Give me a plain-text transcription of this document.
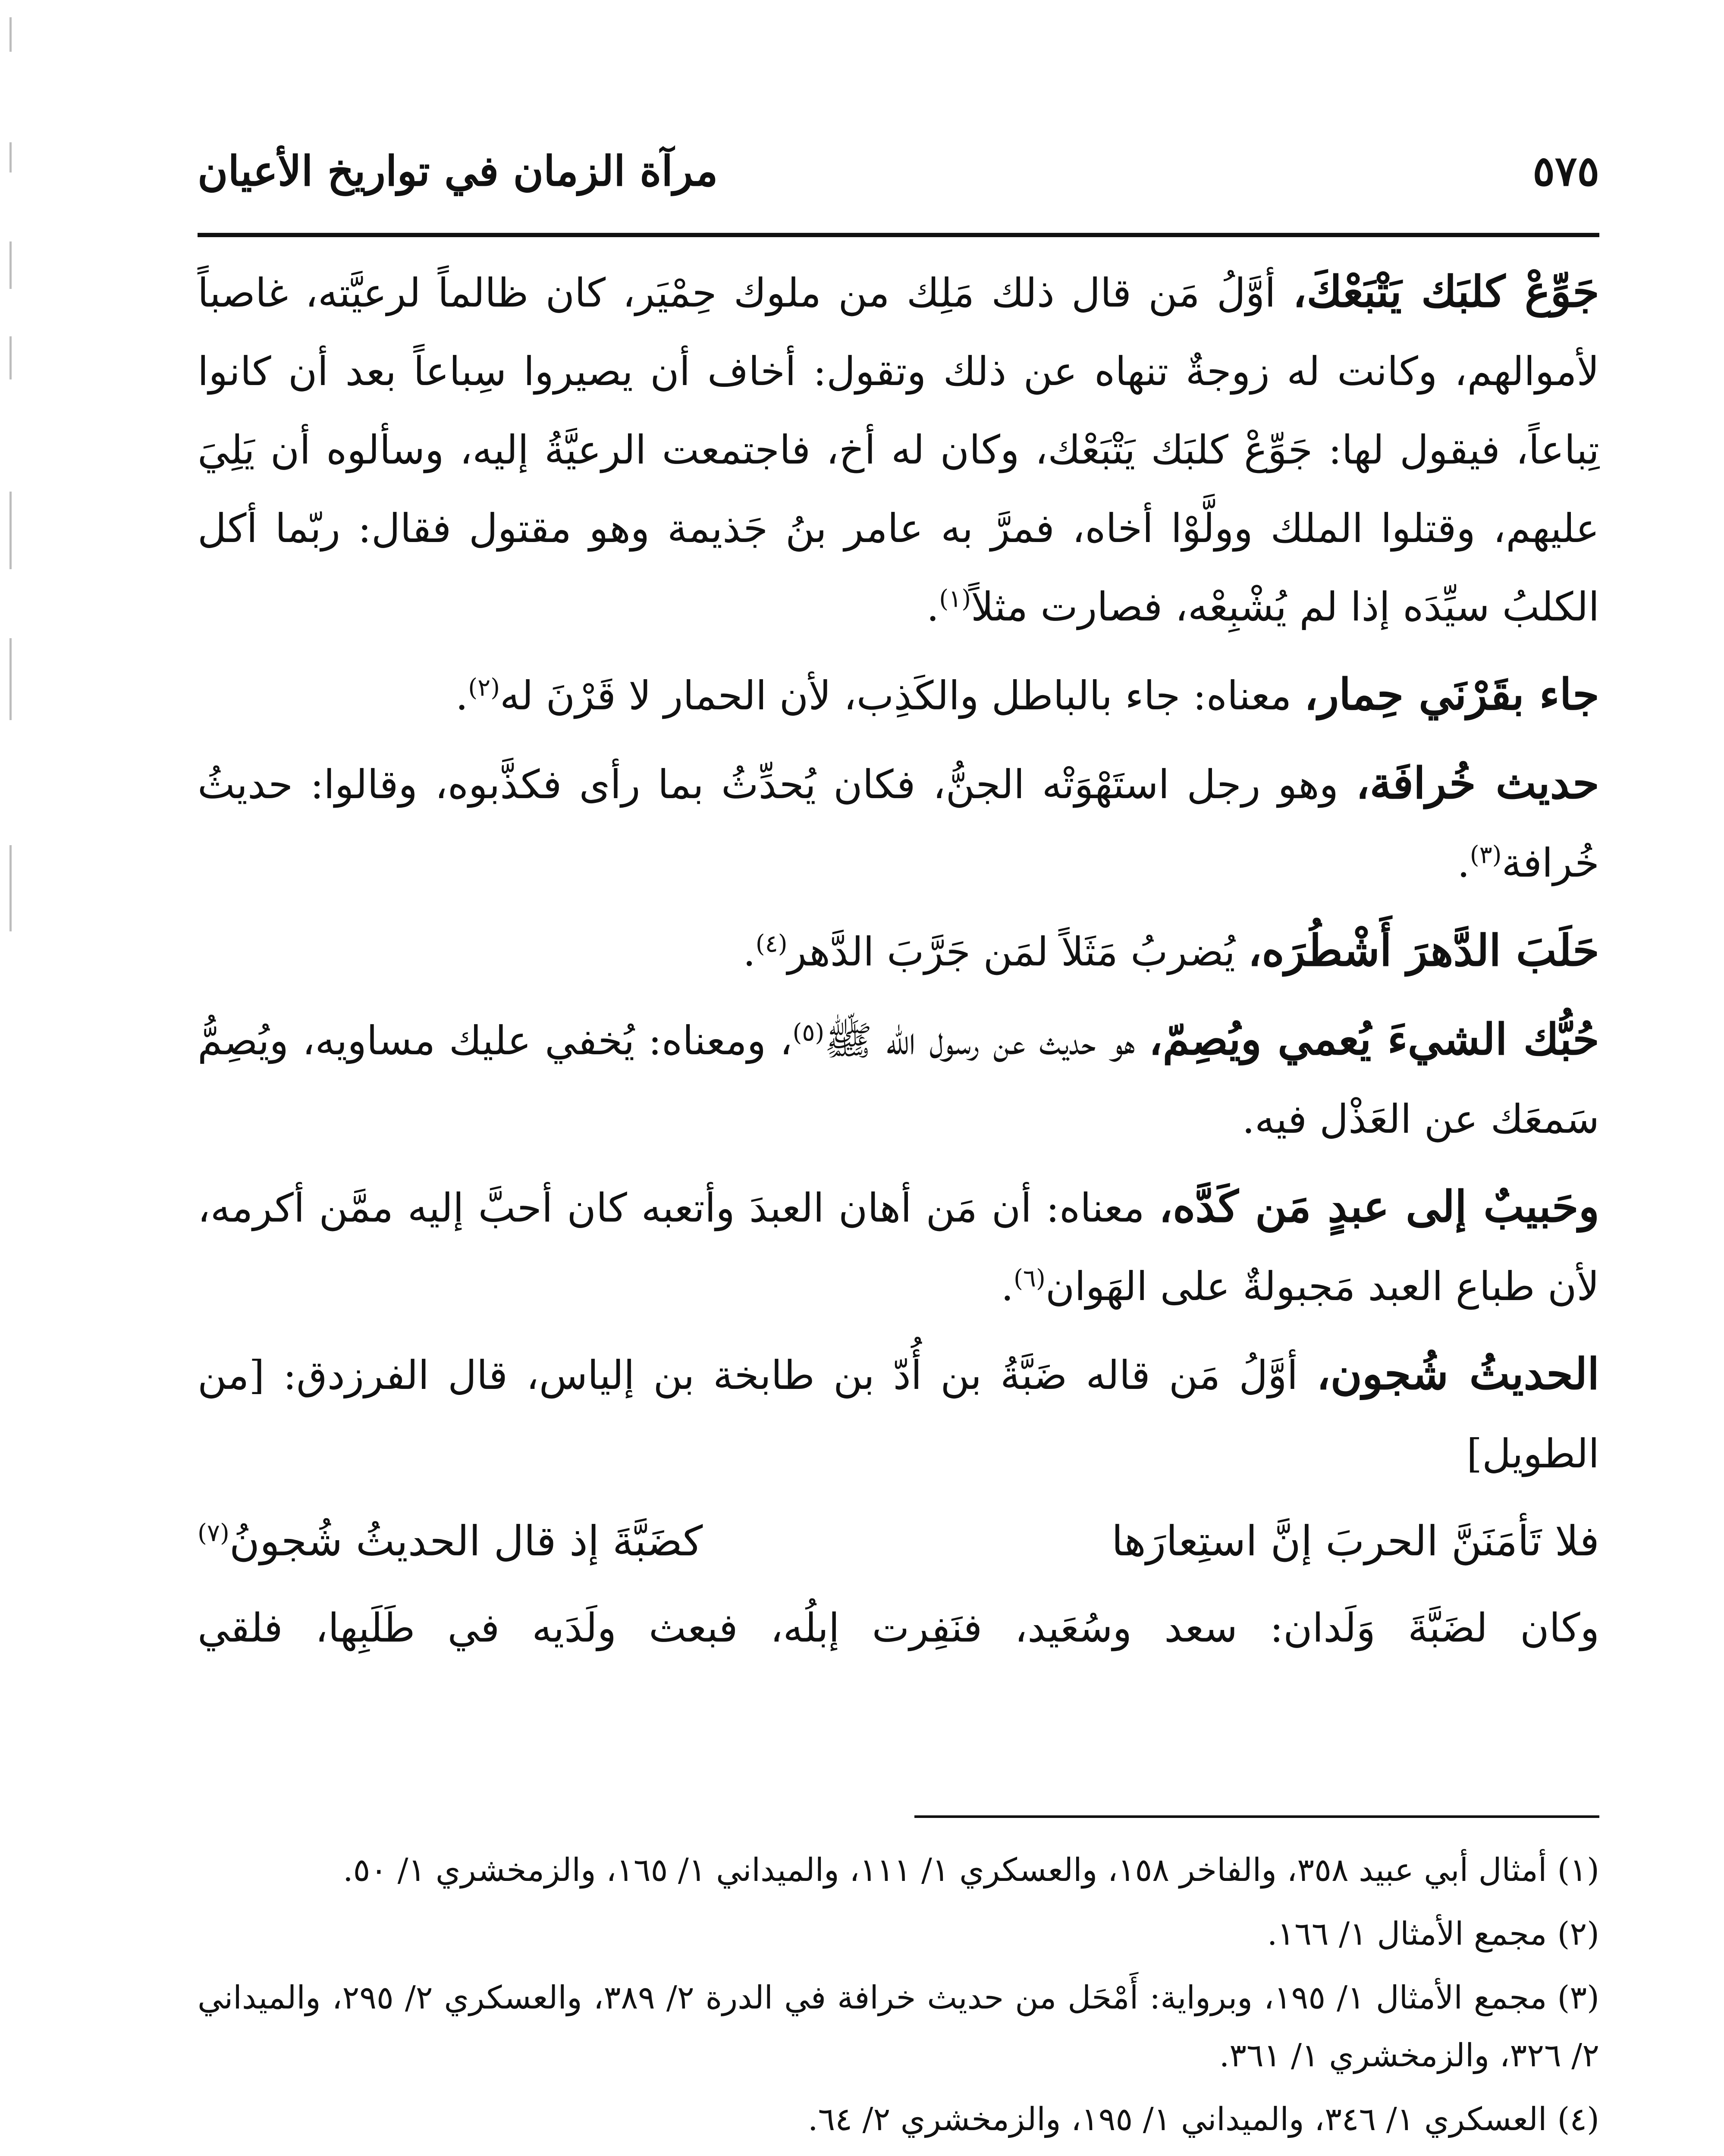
٥٧٥
مرآة الزمان في تواريخ الأعيان

جَوِّعْ كلبَك يَتْبَعْكَ، أوَّلُ مَن قال ذلك مَلِك من ملوك حِمْيَر، كان ظالماً لرعيَّته، غاصباً لأموالهم، وكانت له زوجةٌ تنهاه عن ذلك وتقول: أخاف أن يصيروا سِباعاً بعد أن كانوا تِباعاً، فيقول لها: جَوِّعْ كلبَك يَتْبَعْك، وكان له أخ، فاجتمعت الرعيَّةُ إليه، وسألوه أن يَلِيَ عليهم، وقتلوا الملك وولَّوْا أخاه، فمرَّ به عامر بنُ جَذيمة وهو مقتول فقال: ربّما أكل الكلبُ سيِّدَه إذا لم يُشْبِعْه، فصارت مثلاً$^{(١)}$.

جاء بقَرْنَي حِمار، معناه: جاء بالباطل والكَذِب، لأن الحمار لا قَرْنَ له$^{(٢)}$.

حديث خُرافَة، وهو رجل استَهْوَتْه الجنُّ، فكان يُحدِّثُ بما رأى فكذَّبوه، وقالوا: حديثُ خُرافة$^{(٣)}$.

حَلَبَ الدَّهرَ أَشْطُرَه، يُضربُ مَثَلاً لمَن جَرَّبَ الدَّهر$^{(٤)}$.

حُبُّك الشيءَ يُعمي ويُصِمّ، هو حديث عن رسول الله ﷺ$^{(٥)}$، ومعناه: يُخفي عليك مساويه، ويُصِمُّ سَمعَك عن العَذْل فيه.

وحَبيبٌ إلى عبدٍ مَن كَدَّه، معناه: أن مَن أهان العبدَ وأتعبه كان أحبَّ إليه ممَّن أكرمه، لأن طباع العبد مَجبولةٌ على الهَوان$^{(٦)}$.

الحديثُ شُجون، أوَّلُ مَن قاله ضَبَّةُ بن أُدّ بن طابخة بن إلياس، قال الفرزدق: [من الطويل]

فلا تَأمَنَنَّ الحربَ إنَّ استِعارَها
كضَبَّةَ إذ قال الحديثُ شُجونُ$^{(٧)}$

وكان لضَبَّةَ وَلَدان: سعد وسُعَيد، فنَفِرت إبلُه، فبعث ولَدَيه في طَلَبِها، فلقي

(١)أمثال أبي عبيد ٣٥٨، والفاخر ١٥٨، والعسكري ١/ ١١١، والميداني ١/ ١٦٥، والزمخشري ١/ ٥٠.

(٢)مجمع الأمثال ١/ ١٦٦.

(٣)مجمع الأمثال ١/ ١٩٥، وبرواية: أَمْحَل من حديث خرافة في الدرة ٢/ ٣٨٩، والعسكري ٢/ ٢٩٥، والميداني ٢/ ٣٢٦، والزمخشري ١/ ٣٦١.

(٤)العسكري ١/ ٣٤٦، والميداني ١/ ١٩٥، والزمخشري ٢/ ٦٤.
